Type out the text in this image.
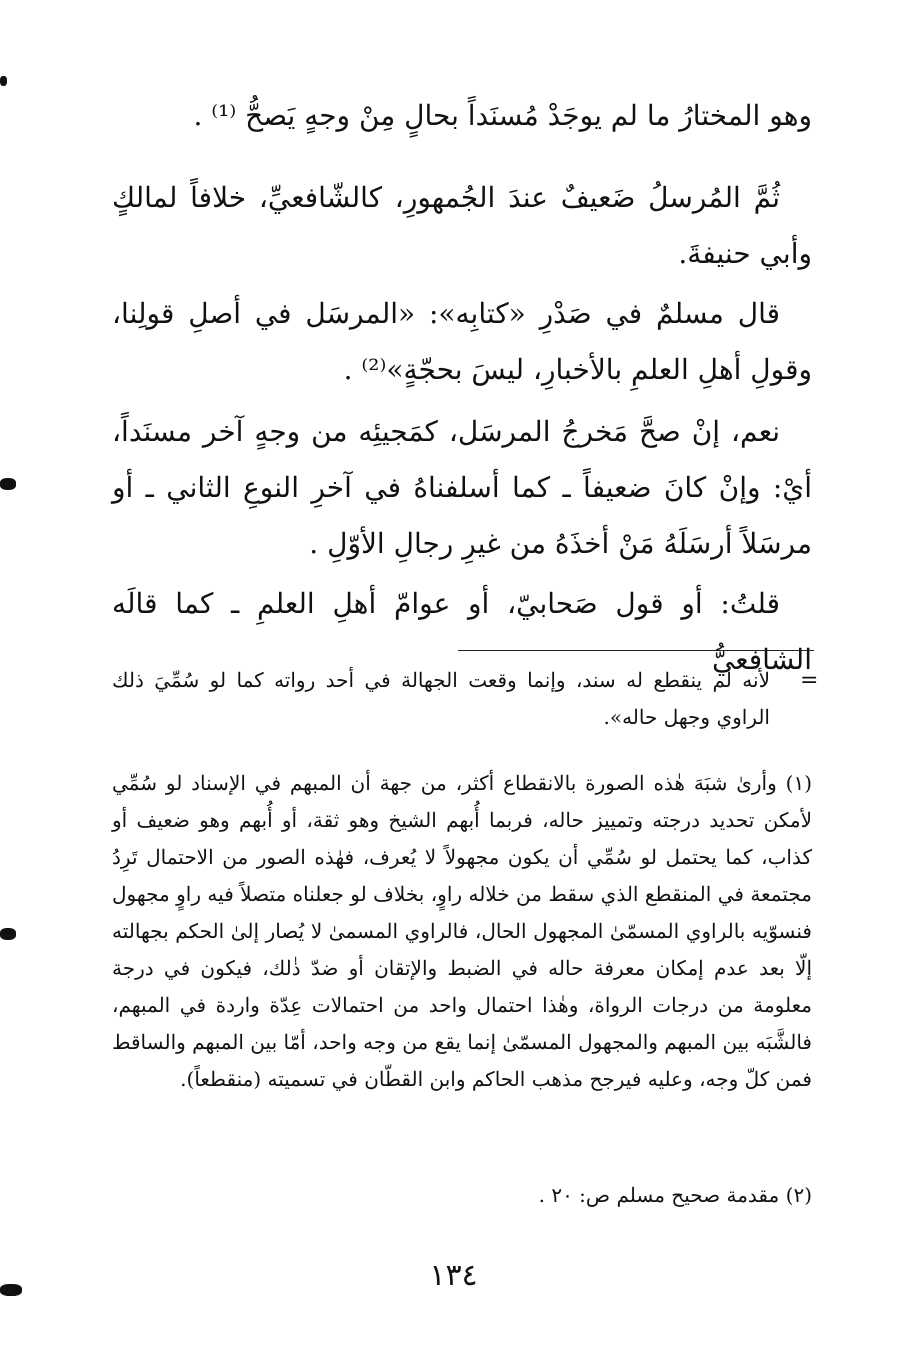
وهو المختارُ ما لم يوجَدْ مُسنَداً بحالٍ مِنْ وجهٍ يَصحُّ ⁽¹⁾ .

ثُمَّ المُرسلُ ضَعيفٌ عندَ الجُمهورِ، كالشّافعيِّ، خلافاً لمالكٍ وأبي حنيفةَ.

قال مسلمٌ في صَدْرِ «كتابِه»: «المرسَل في أصلِ قولِنا، وقولِ أهلِ العلمِ بالأخبارِ، ليسَ بحجّةٍ»⁽²⁾ .

نعم، إنْ صحَّ مَخرجُ المرسَل، كمَجيئِه من وجهٍ آخر مسنَداً، أيْ: وإنْ كانَ ضعيفاً ـ كما أسلفناهُ في آخرِ النوعِ الثاني ـ أو مرسَلاً أرسَلَهُ مَنْ أخذَهُ من غيرِ رجالِ الأوّلِ .

قلتُ: أو قول صَحابيّ، أو عوامّ أهلِ العلمِ ـ كما قالَه الشافعيُّ

=
لأنه لم ينقطع له سند، وإنما وقعت الجهالة في أحد رواته كما لو سُمِّيَ ذلك الراوي وجهل حاله».

(١) وأرىٰ شبَهَ هٰذه الصورة بالانقطاع أكثر، من جهة أن المبهم في الإسناد لو سُمِّي لأمكن تحديد درجته وتمييز حاله، فربما أُبهم الشيخ وهو ثقة، أو أُبهم وهو ضعيف أو كذاب، كما يحتمل لو سُمِّي أن يكون مجهولاً لا يُعرف، فهٰذه الصور من الاحتمال تَرِدُ مجتمعة في المنقطع الذي سقط من خلاله راوٍ، بخلاف لو جعلناه متصلاً فيه راوٍ مجهول فنسوّيه بالراوي المسمّىٰ المجهول الحال، فالراوي المسمىٰ لا يُصار إلىٰ الحكم بجهالته إلّا بعد عدم إمكان معرفة حاله في الضبط والإتقان أو ضدّ ذٰلك، فيكون في درجة معلومة من درجات الرواة، وهٰذا احتمال واحد من احتمالات عِدّة واردة في المبهم، فالشَّبَه بين المبهم والمجهول المسمّىٰ إنما يقع من وجه واحد، أمّا بين المبهم والساقط فمن كلّ وجه، وعليه فيرجح مذهب الحاكم وابن القطّان في تسميته (منقطعاً).

(٢) مقدمة صحيح مسلم ص: ٢٠ .

١٣٤
